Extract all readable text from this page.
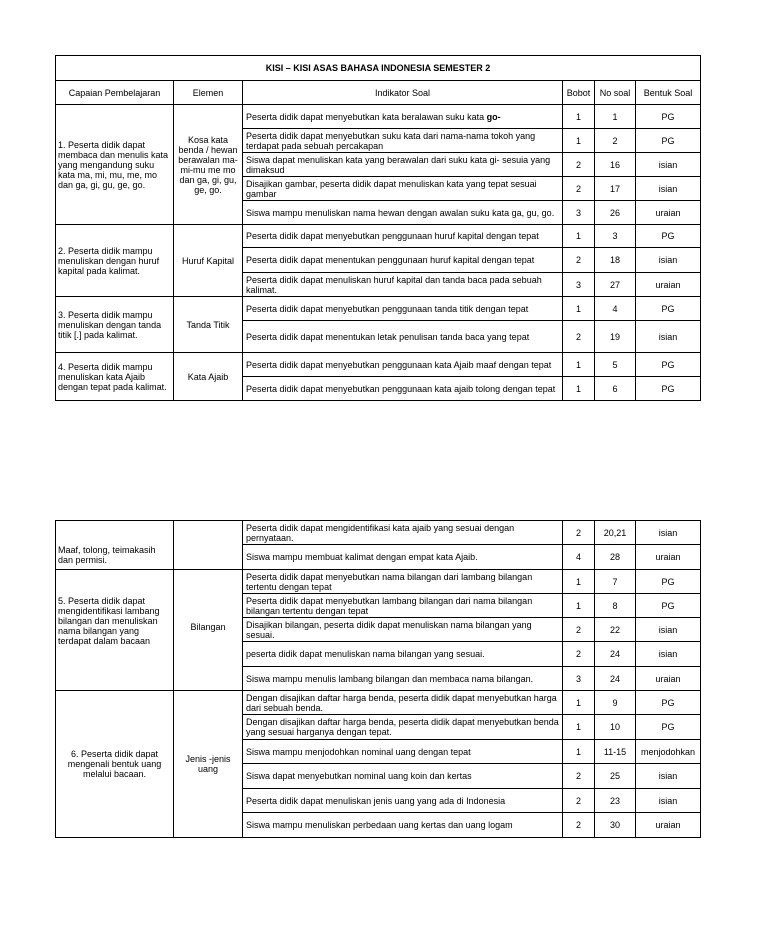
KISI – KISI ASAS BAHASA INDONESIA SEMESTER 2					
Capaian Pembelajaran	Elemen	Indikator Soal	Bobot	No soal	Bentuk Soal
1. Peserta didik dapat membaca dan menulis kata yang mengandung suku kata ma, mi, mu, me, mo dan ga, gi, gu, ge, go.	Kosa kata benda / hewan berawalan ma-mi-mu me mo dan ga, gi, gu, ge, go.	Peserta didik dapat menyebutkan kata beralawan suku kata go-	1	1	PG
		Peserta didik dapat menyebutkan suku kata dari nama-nama tokoh yang terdapat pada sebuah percakapan	1	2	PG
		Siswa dapat menuliskan kata yang berawalan dari suku kata gi- sesuia yang dimaksud	2	16	isian
		Disajikan gambar, peserta didik dapat menuliskan kata yang tepat sesuai gambar	2	17	isian
		Siswa mampu menuliskan nama hewan dengan awalan suku kata ga, gu, go.	3	26	uraian
2. Peserta didik mampu menuliskan dengan huruf kapital pada kalimat.	Huruf Kapital	Peserta didik dapat menyebutkan penggunaan huruf kapital dengan tepat	1	3	PG
		Peserta didik dapat menentukan penggunaan huruf kapital dengan tepat	2	18	isian
		Peserta didik dapat menuliskan huruf kapital dan tanda baca pada sebuah kalimat.	3	27	uraian
3. Peserta didik mampu menuliskan dengan tanda titik [.] pada kalimat.	Tanda Titik	Peserta didik dapat menyebutkan penggunaan tanda titik dengan tepat	1	4	PG
		Peserta didik dapat menentukan letak penulisan tanda baca yang tepat	2	19	isian
4. Peserta didik mampu menuliskan kata Ajaib dengan tepat pada kalimat.	Kata Ajaib	Peserta didik dapat menyebutkan penggunaan kata Ajaib maaf dengan tepat	1	5	PG
		Peserta didik dapat menyebutkan penggunaan kata ajaib tolong dengan tepat	1	6	PG
Maaf, tolong, teimakasih dan permisi.		Peserta didik dapat mengidentifikasi kata ajaib yang sesuai dengan pernyataan.	2	20,21	isian
		Siswa mampu membuat kalimat dengan empat kata Ajaib.	4	28	uraian
5. Peserta didik dapat mengidentifikasi lambang bilangan dan menuliskan nama bilangan yang terdapat dalam bacaan	Bilangan	Peserta didik dapat menyebutkan nama bilangan dari lambang bilangan tertentu dengan tepat	1	7	PG
		Peserta didik dapat menyebutkan lambang bilangan dari nama bilangan bilangan tertentu dengan tepat	1	8	PG
		Disajikan bilangan, peserta didik dapat menuliskan nama bilangan yang sesuai.	2	22	isian
		peserta didik dapat menuliskan nama bilangan yang sesuai.	2	24	isian
		Siswa mampu menulis lambang bilangan dan membaca nama bilangan.	3	24	uraian
6. Peserta didik dapat mengenali bentuk uang melalui bacaan.	Jenis -jenis uang	Dengan disajikan daftar harga benda, peserta didik dapat menyebutkan harga dari sebuah benda.	1	9	PG
		Dengan disajikan daftar harga benda, peserta didik dapat menyebutkan benda yang sesuai harganya dengan tepat.	1	10	PG
		Siswa mampu menjodohkan nominal uang dengan tepat	1	11-15	menjodohkan
		Siswa dapat menyebutkan nominal uang koin dan kertas	2	25	isian
		Peserta didik dapat menuliskan jenis uang yang ada di Indonesia	2	23	isian
		Siswa mampu menuliskan perbedaan uang kertas dan uang logam	2	30	uraian
